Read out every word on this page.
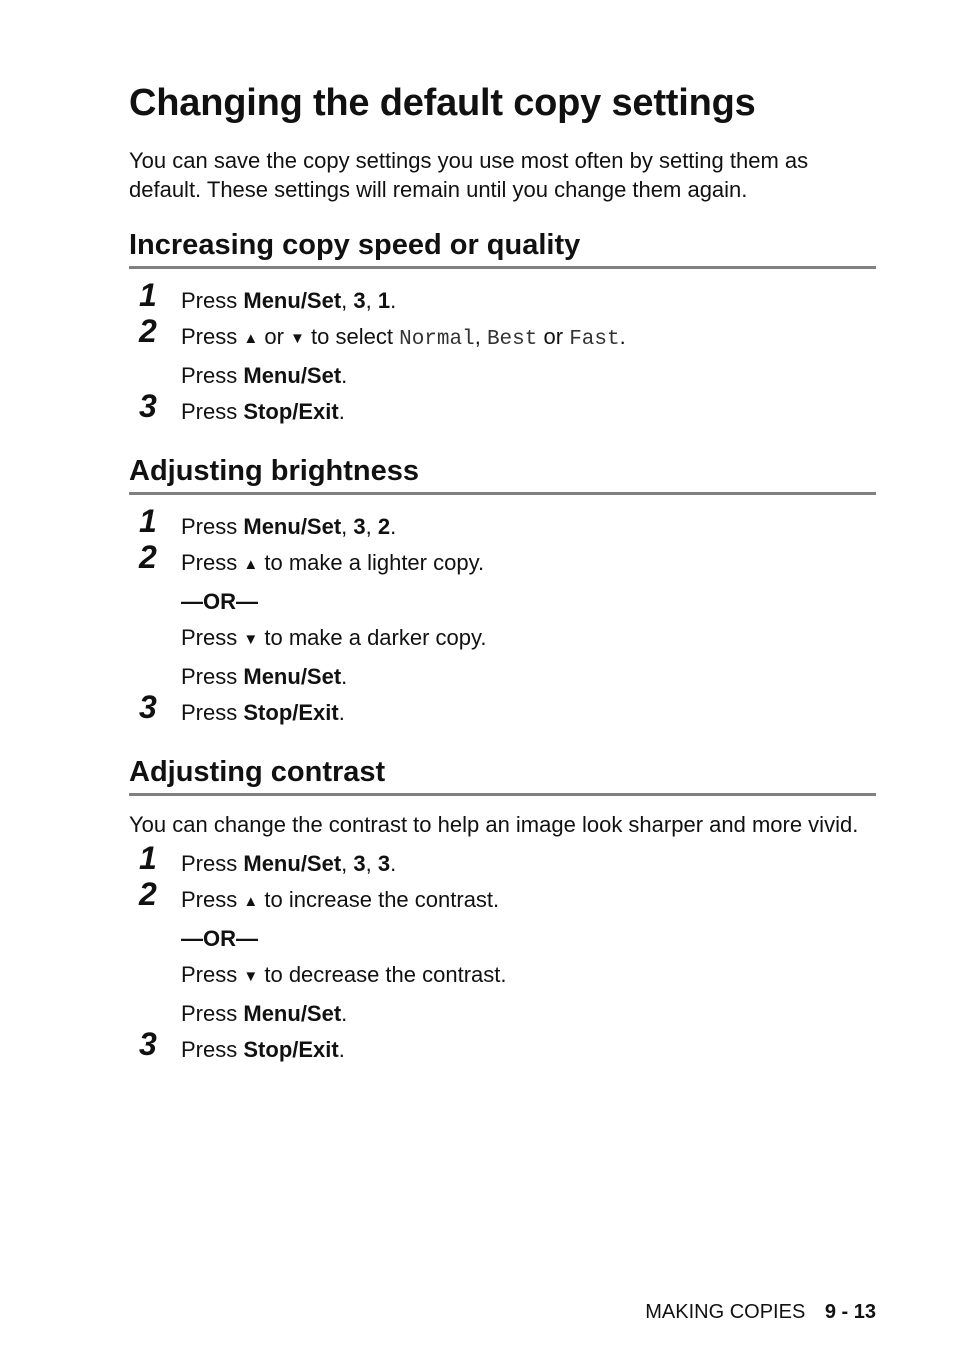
Changing the default copy settings

You can save the copy settings you use most often by setting them as default. These settings will remain until you change them again.

Increasing copy speed or quality
1 Press Menu/Set, 3, 1.
2 Press ▲ or ▼ to select Normal, Best or Fast.
Press Menu/Set.
3 Press Stop/Exit.
Adjusting brightness
1 Press Menu/Set, 3, 2.
2 Press ▲ to make a lighter copy.
—OR—
Press ▼ to make a darker copy.
Press Menu/Set.
3 Press Stop/Exit.
Adjusting contrast

You can change the contrast to help an image look sharper and more vivid.

1 Press Menu/Set, 3, 3.
2 Press ▲ to increase the contrast.
—OR—
Press ▼ to decrease the contrast.
Press Menu/Set.
3 Press Stop/Exit.
MAKING COPIES 9 - 13
